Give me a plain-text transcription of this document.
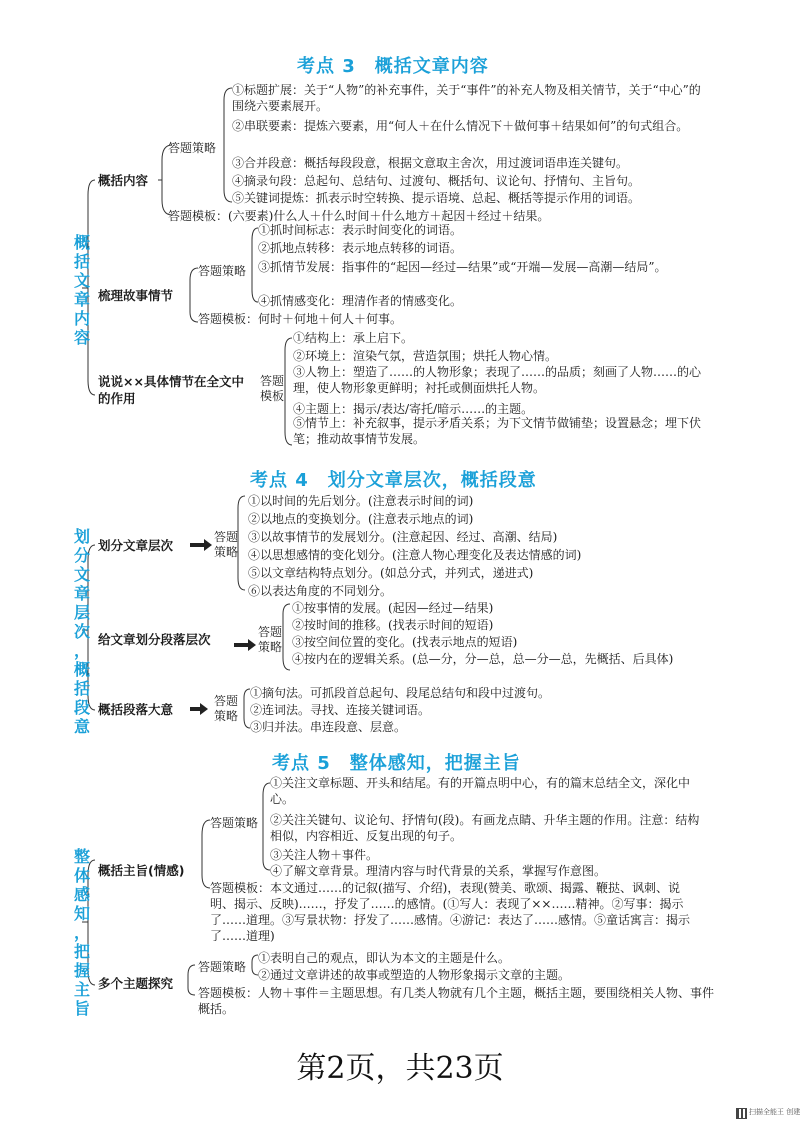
考点 3　概括文章内容
概
括
文
章
内
容
概括内容
答题策略
①标题扩展：关于“人物”的补充事件，关于“事件”的补充人物及相关情节，关于“中心”的围绕六要素展开。
②串联要素：提炼六要素，用“何人＋在什么情况下＋做何事＋结果如何”的句式组合。
③合并段意：概括每段段意，根据文意取主舍次，用过渡词语串连关键句。
④摘录句段：总起句、总结句、过渡句、概括句、议论句、抒情句、主旨句。
⑤关键词提炼：抓表示时空转换、提示语境、总起、概括等提示作用的词语。
答题模板：(六要素)什么人＋什么时间＋什么地方＋起因＋经过＋结果。
梳理故事情节
答题策略
①抓时间标志：表示时间变化的词语。
②抓地点转移：表示地点转移的词语。
③抓情节发展：指事件的“起因—经过—结果”或“开端—发展—高潮—结局”。
④抓情感变化：理清作者的情感变化。
答题模板：何时＋何地＋何人＋何事。
说说××具体情节在全文中的作用
答题模板
①结构上：承上启下。
②环境上：渲染气氛，营造氛围；烘托人物心情。
③人物上：塑造了……的人物形象；表现了……的品质；刻画了人物……的心理，使人物形象更鲜明；衬托或侧面烘托人物。
④主题上：揭示/表达/寄托/暗示……的主题。
⑤情节上：补充叙事，提示矛盾关系；为下文情节做铺垫；设置悬念；埋下伏笔；推动故事情节发展。
考点 4　划分文章层次，概括段意
划
分
文
章
层
次
，
概
括
段
意
划分文章层次
答题策略
①以时间的先后划分。(注意表示时间的词)
②以地点的变换划分。(注意表示地点的词)
③以故事情节的发展划分。(注意起因、经过、高潮、结局)
④以思想感情的变化划分。(注意人物心理变化及表达情感的词)
⑤以文章结构特点划分。(如总分式，并列式，递进式)
⑥以表达角度的不同划分。
给文章划分段落层次	答题策略
①按事情的发展。(起因—经过—结果)
②按时间的推移。(找表示时间的短语)
③按空间位置的变化。(找表示地点的短语)
④按内在的逻辑关系。(总—分，分—总，总—分—总，先概括、后具体)
概括段落大意
答题策略
①摘句法。可抓段首总起句、段尾总结句和段中过渡句。
②连词法。寻找、连接关键词语。
③归并法。串连段意、层意。
考点 5　整体感知，把握主旨
整
体
感
知
，
把
握
主
旨
概括主旨(情感)
答题策略
①关注文章标题、开头和结尾。有的开篇点明中心，有的篇末总结全文，深化中心。
②关注关键句、议论句、抒情句(段)。有画龙点睛、升华主题的作用。注意：结构相似，内容相近、反复出现的句子。
③关注人物＋事件。
④了解文章背景。理清内容与时代背景的关系，掌握写作意图。
答题模板：本文通过……的记叙(描写、介绍)，表现(赞美、歌颂、揭露、鞭挞、讽刺、说明、揭示、反映)……，抒发了……的感情。(①写人：表现了××……精神。②写事：揭示了……道理。③写景状物：抒发了……感情。④游记：表达了……感情。⑤童话寓言：揭示了……道理)
多个主题探究
答题策略
①表明自己的观点，即认为本文的主题是什么。
②通过文章讲述的故事或塑造的人物形象揭示文章的主题。
答题模板：人物＋事件＝主题思想。有几类人物就有几个主题，概括主题，要围绕相关人物、事件概括。
第2页，共23页
扫描全能王 创建
